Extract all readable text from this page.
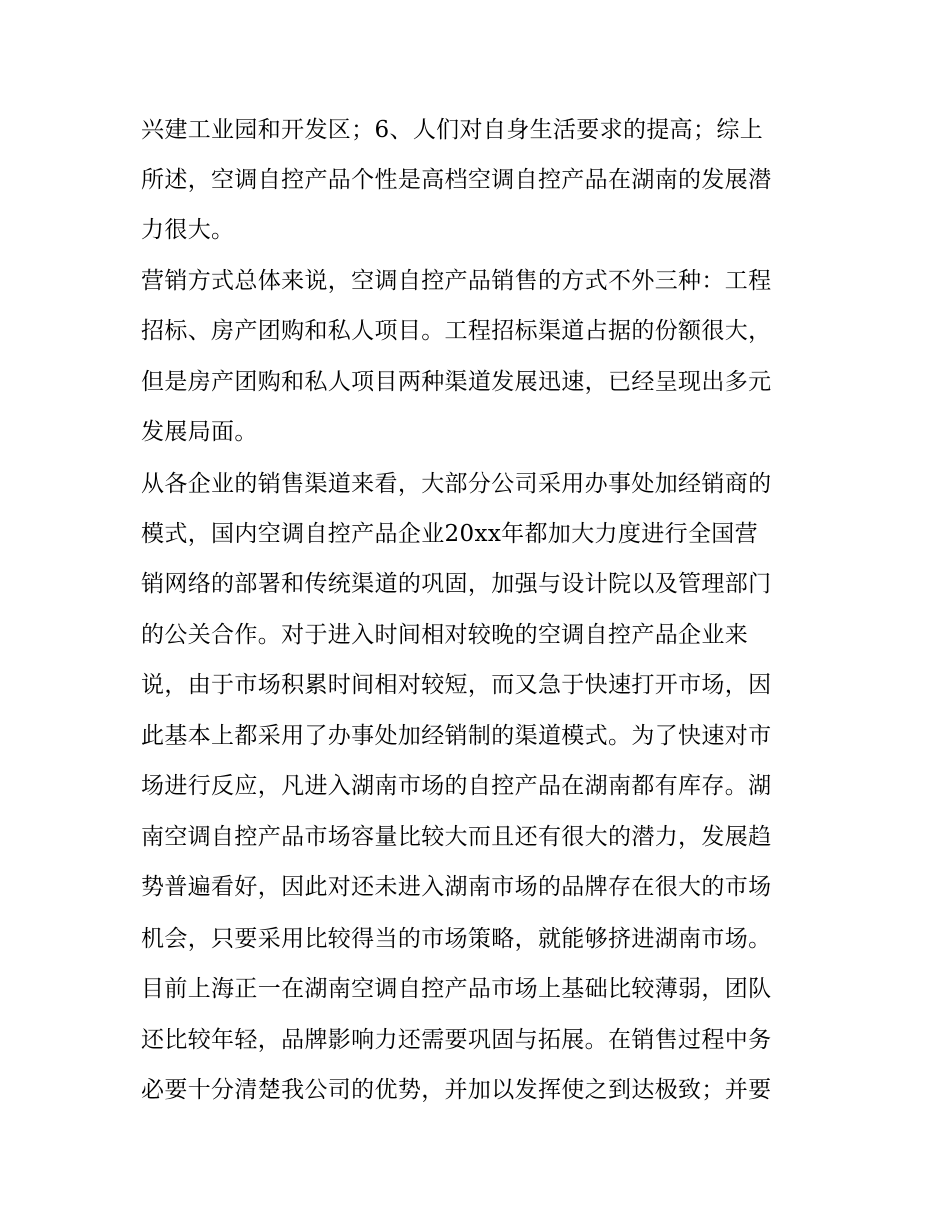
兴建工业园和开发区；6、人们对自身生活要求的提高；综上
所述，空调自控产品个性是高档空调自控产品在湖南的发展潜
力很大。
营销方式总体来说，空调自控产品销售的方式不外三种：工程
招标、房产团购和私人项目。工程招标渠道占据的份额很大，
但是房产团购和私人项目两种渠道发展迅速，已经呈现出多元
发展局面。
从各企业的销售渠道来看，大部分公司采用办事处加经销商的
模式，国内空调自控产品企业20xx年都加大力度进行全国营
销网络的部署和传统渠道的巩固，加强与设计院以及管理部门
的公关合作。对于进入时间相对较晚的空调自控产品企业来
说，由于市场积累时间相对较短，而又急于快速打开市场，因
此基本上都采用了办事处加经销制的渠道模式。为了快速对市
场进行反应，凡进入湖南市场的自控产品在湖南都有库存。湖
南空调自控产品市场容量比较大而且还有很大的潜力，发展趋
势普遍看好，因此对还未进入湖南市场的品牌存在很大的市场
机会，只要采用比较得当的市场策略，就能够挤进湖南市场。
目前上海正一在湖南空调自控产品市场上基础比较薄弱，团队
还比较年轻，品牌影响力还需要巩固与拓展。在销售过程中务
必要十分清楚我公司的优势，并加以发挥使之到达极致；并要
